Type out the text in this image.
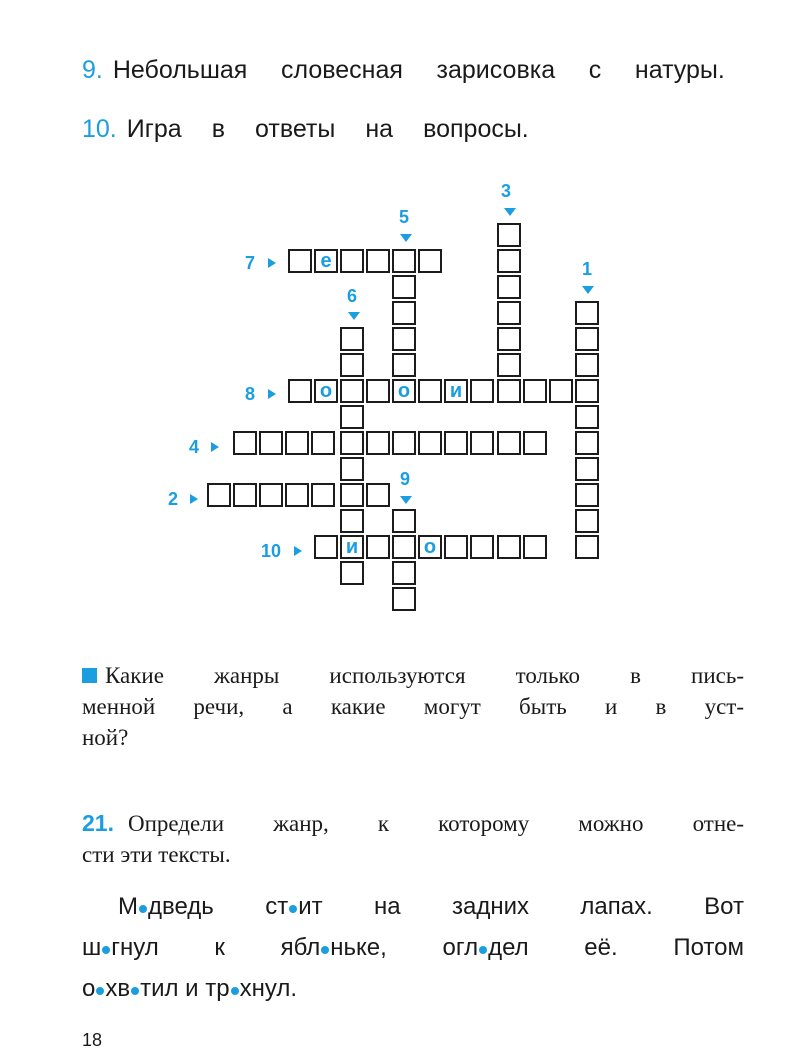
9. Небольшая словесная зарисовка с натуры.
10. Игра в ответы на вопросы.
7
8
4
2
10
3
5
1
6
9
е
о	о и
и	о
Какие жанры используются только в пись-
менной речи, а какие могут быть и в уст-
ной?
21. Определи жанр, к которому можно отне-
сти эти тексты.
М дведь ст ит на задних лапах. Вот
ш гнул к ябл ньке, огл дел её. Потом
о хв тил и тр хнул.
18
